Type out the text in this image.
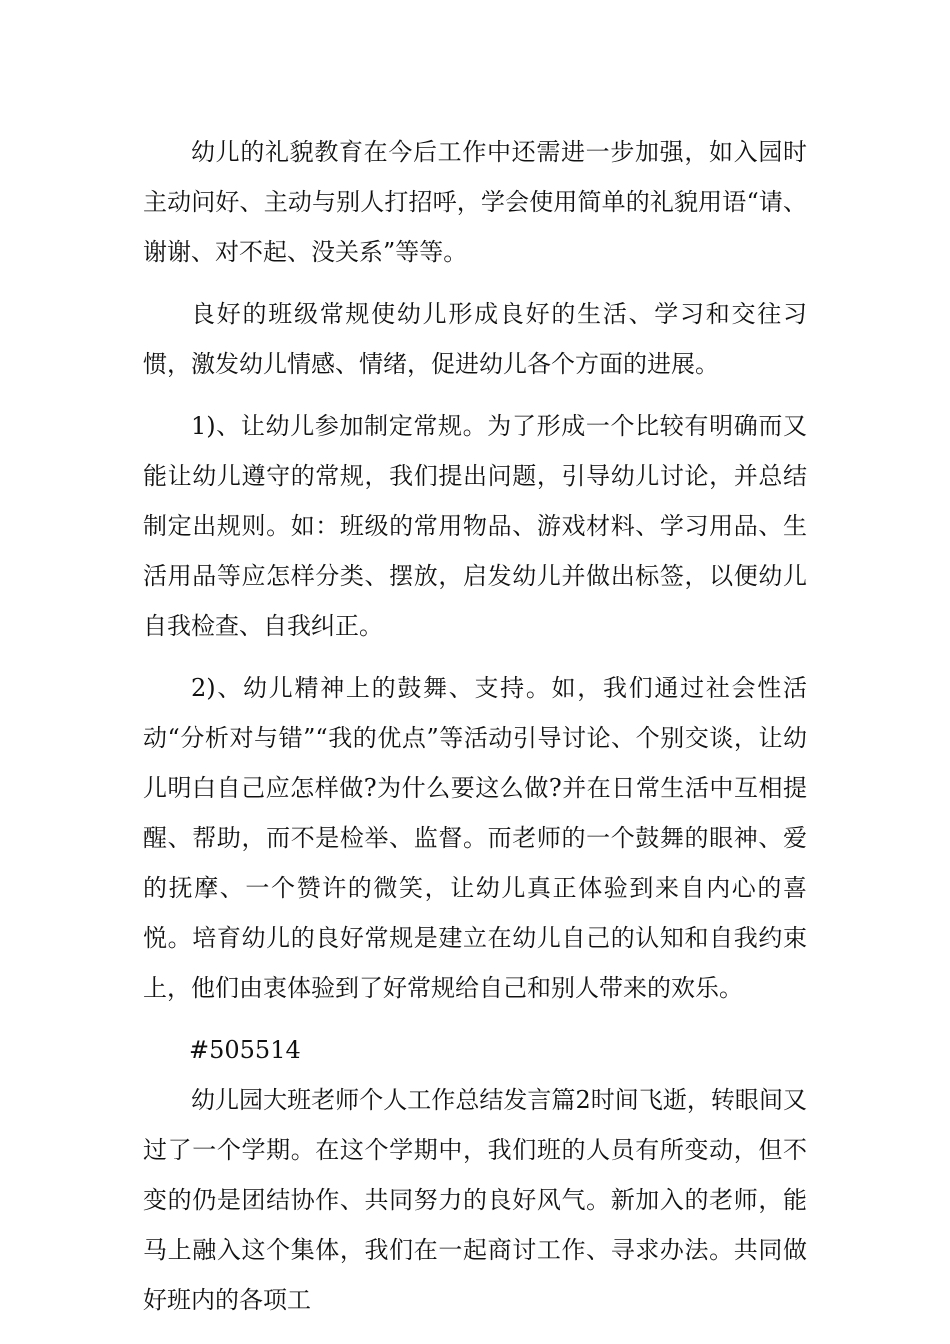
幼儿的礼貌教育在今后工作中还需进一步加强，如入园时主动问好、主动与别人打招呼，学会使用简单的礼貌用语“请、谢谢、对不起、没关系”等等。

良好的班级常规使幼儿形成良好的生活、学习和交往习惯，激发幼儿情感、情绪，促进幼儿各个方面的进展。

1)、让幼儿参加制定常规。为了形成一个比较有明确而又能让幼儿遵守的常规，我们提出问题，引导幼儿讨论，并总结制定出规则。如：班级的常用物品、游戏材料、学习用品、生活用品等应怎样分类、摆放，启发幼儿并做出标签，以便幼儿自我检查、自我纠正。

2)、幼儿精神上的鼓舞、支持。如，我们通过社会性活动“分析对与错”“我的优点”等活动引导讨论、个别交谈，让幼儿明白自己应怎样做?为什么要这么做?并在日常生活中互相提醒、帮助，而不是检举、监督。而老师的一个鼓舞的眼神、爱的抚摩、一个赞许的微笑，让幼儿真正体验到来自内心的喜悦。培育幼儿的良好常规是建立在幼儿自己的认知和自我约束上，他们由衷体验到了好常规给自己和别人带来的欢乐。

#505514

幼儿园大班老师个人工作总结发言篇2时间飞逝，转眼间又过了一个学期。在这个学期中，我们班的人员有所变动，但不变的仍是团结协作、共同努力的良好风气。新加入的老师，能马上融入这个集体，我们在一起商讨工作、寻求办法。共同做好班内的各项工
